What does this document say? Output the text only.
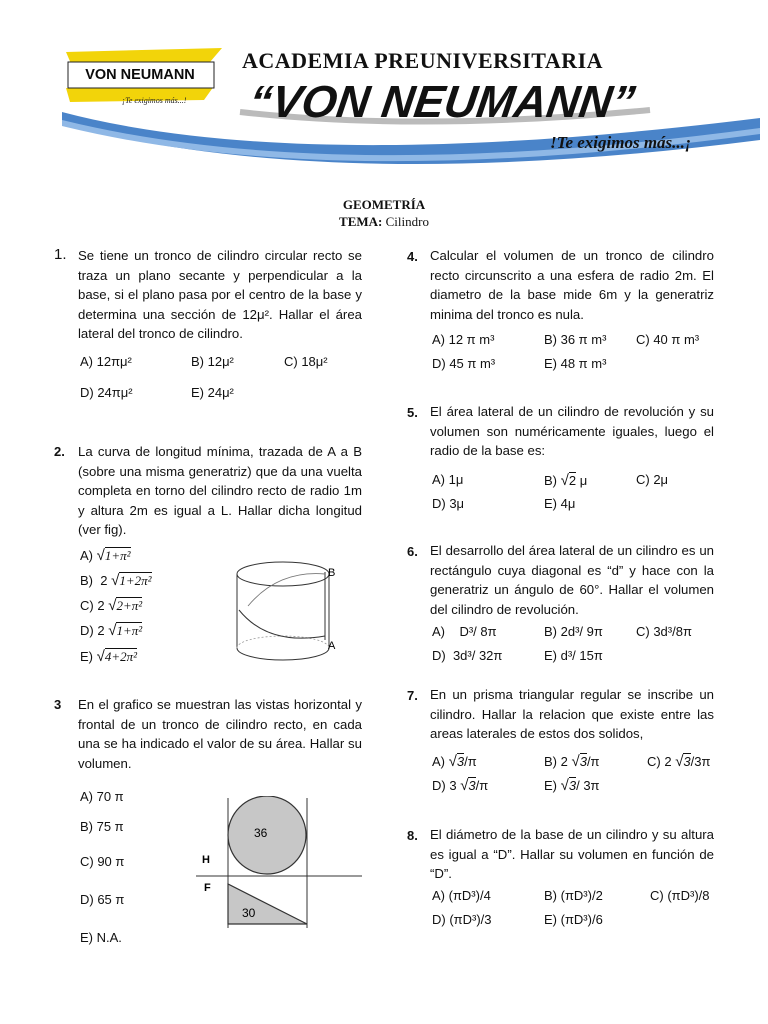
VON NEUMANN
¡Te exigimos más...!
ACADEMIA PREUNIVERSITARIA
“VON NEUMANN”
!Te exigimos más...¡
GEOMETRÍA
TEMA: Cilindro
1. Se tiene un tronco de cilindro circular recto se traza un plano secante y perpendicular a la base, si el plano pasa por el centro de la base y determina una sección de 12μ². Hallar el área lateral del tronco de cilindro.
A) 12πμ²	B) 12μ²	C) 18μ²
D) 24πμ²	E) 24μ²
2. La curva de longitud mínima, trazada de A a B (sobre una misma generatriz) que da una vuelta completa en torno del cilindro recto de radio 1m y altura 2m es igual a L. Hallar dicha longitud (ver fig).
A) √1+π²
B) 2 √1+2π²
C) 2 √2+π²
D) 2 √1+π²
E) √4+2π²
B
A
3 En el grafico se muestran las vistas horizontal y frontal de un tronco de cilindro recto, en cada una se ha indicado el valor de su área. Hallar su volumen.
A) 70 π
B) 75 π
C) 90 π
D) 65 π
E) N.A.
36
H
F
30
4. Calcular el volumen de un tronco de cilindro recto circunscrito a una esfera de radio 2m. El diametro de la base mide 6m y la generatriz minima del tronco es nula.
A) 12 π m³	B) 36 π m³ C) 40 π m³
D) 45 π m³	E) 48 π m³
5. El área lateral de un cilindro de revolución y su volumen son numéricamente iguales, luego el radio de la base es:
A) 1μ	B) √2 μ	C) 2μ
D) 3μ	E) 4μ
6. El desarrollo del área lateral de un cilindro es un rectángulo cuya diagonal es “d” y hace con la generatriz un ángulo de 60°. Hallar el volumen del cilindro de revolución.
A)    D³/ 8π	B) 2d³/ 9π	C) 3d³/8π
D)  3d³/ 32π	E) d³/ 15π
7. En un prisma triangular regular se inscribe un cilindro. Hallar la relacion que existe entre las areas laterales de estos dos solidos,
A) √3/π	B) 2 √3/π	C) 2 √3/3π
D) 3 √3/π	E) √3/ 3π
8. El diámetro de la base de un cilindro y su altura es igual a “D”. Hallar su volumen en función de “D”.
A) (πD³)/4	B) (πD³)/2	C) (πD³)/8
D) (πD³)/3	E) (πD³)/6
